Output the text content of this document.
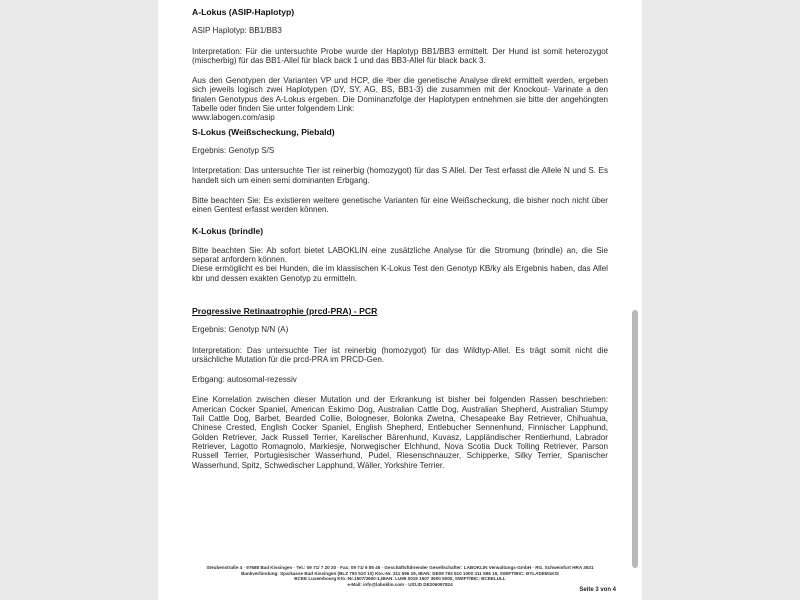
A-Lokus (ASIP-Haplotyp)

ASIP Haplotyp: BB1/BB3

Interpretation: Für die untersuchte Probe wurde der Haplotyp BB1/BB3 ermittelt. Der Hund ist somit heterozygot (mischerbig) für das BB1-Allel für black back 1 und das BB3-Allel für black back 3.

Aus den Genotypen der Varianten VP und HCP, die ²ber die genetische Analyse direkt ermittelt werden, ergeben sich jeweils logisch zwei Haplotypen (DY, SY, AG, BS, BB1-3) die zusammen mit der Knockout- Varinate a den finalen Genotypus des A-Lokus ergeben. Die Dominanzfolge der Haplotypen entnehmen sie bitte der angehöngten Tabelle oder finden Sie unter folgendem Link:

www.labogen.com/asip

S-Lokus (Weißscheckung, Piebald)

Ergebnis: Genotyp S/S

Interpretation: Das untersuchte Tier ist reinerbig (homozygot) für das S Allel. Der Test erfasst die Allele N und S. Es handelt sich um einen semi dominanten Erbgang.

Bitte beachten Sie: Es existieren weitere genetische Varianten für eine Weißscheckung, die bisher noch nicht über einen Gentest erfasst werden können.

K-Lokus (brindle)

Bitte beachten Sie: Ab sofort bietet LABOKLIN eine zusätzliche Analyse für die Stromung (brindle) an, die Sie separat anfordern können.

Diese ermöglicht es bei Hunden, die im klassischen K-Lokus Test den Genotyp KB/ky als Ergebnis haben, das Allel kbr und dessen exakten Genotyp zu ermitteln.

Progressive Retinaatrophie (prcd-PRA) - PCR

Ergebnis: Genotyp N/N (A)

Interpretation: Das untersuchte Tier ist reinerbig (homozygot) für das Wildtyp-Allel. Es trägt somit nicht die ursächliche Mutation für die prcd-PRA im PRCD-Gen.

Erbgang: autosomal-rezessiv

Eine Korrelation zwischen dieser Mutation und der Erkrankung ist bisher bei folgenden Rassen beschrieben: American Cocker Spaniel, American Eskimo Dog, Australian Cattle Dog, Australian Shepherd, Australian Stumpy Tail Cattle Dog, Barbet, Bearded Collie, Bologneser, Bolonka Zwetna, Chesapeake Bay Retriever, Chihuahua, Chinese Crested, English Cocker Spaniel, English Shepherd, Entlebucher Sennenhund, Finnischer Lapphund, Golden Retriever, Jack Russell Terrier, Karelischer Bärenhund, Kuvasz, Lappländischer Rentierhund, Labrador Retriever, Lagotto Romagnolo, Markiesje, Norwegischer Elchhund, Nova Scotia Duck Tolling Retriever, Parson Russell Terrier, Portugiesischer Wasserhund, Pudel, Riesenschnauzer, Schipperke, Silky Terrier, Spanischer Wasserhund, Spitz, Schwedischer Lapphund, Wäller, Yorkshire Terrier.

Steubenstraße 4 · 97688 Bad Kissingen · Tel.: 09 71/ 7 20 20 · Fax: 09 71/ 6 85 46 · Geschäftsführender Gesellschafter: LABOKLIN Verwaltungs-GmbH · RG. Schweinfurt HRA 3631
Bankverbindung: Sparkasse Bad Kissingen (BLZ 793 510 10) Kto.-Nr. 311 596 19, IBAN: DE09 793 510 1000 311 596 19, SWIFT/BIC: BYLADEM1KIS
BCEE Luxembourg Kto.-Nr.1507/3600-1,IBAN: LU95 0019 1507 3600 5000, SWIFT/BIC: BCEELULL
e-Mail: info@laboklin.com · USt.ID DE206097824
Seite 3 von 4
